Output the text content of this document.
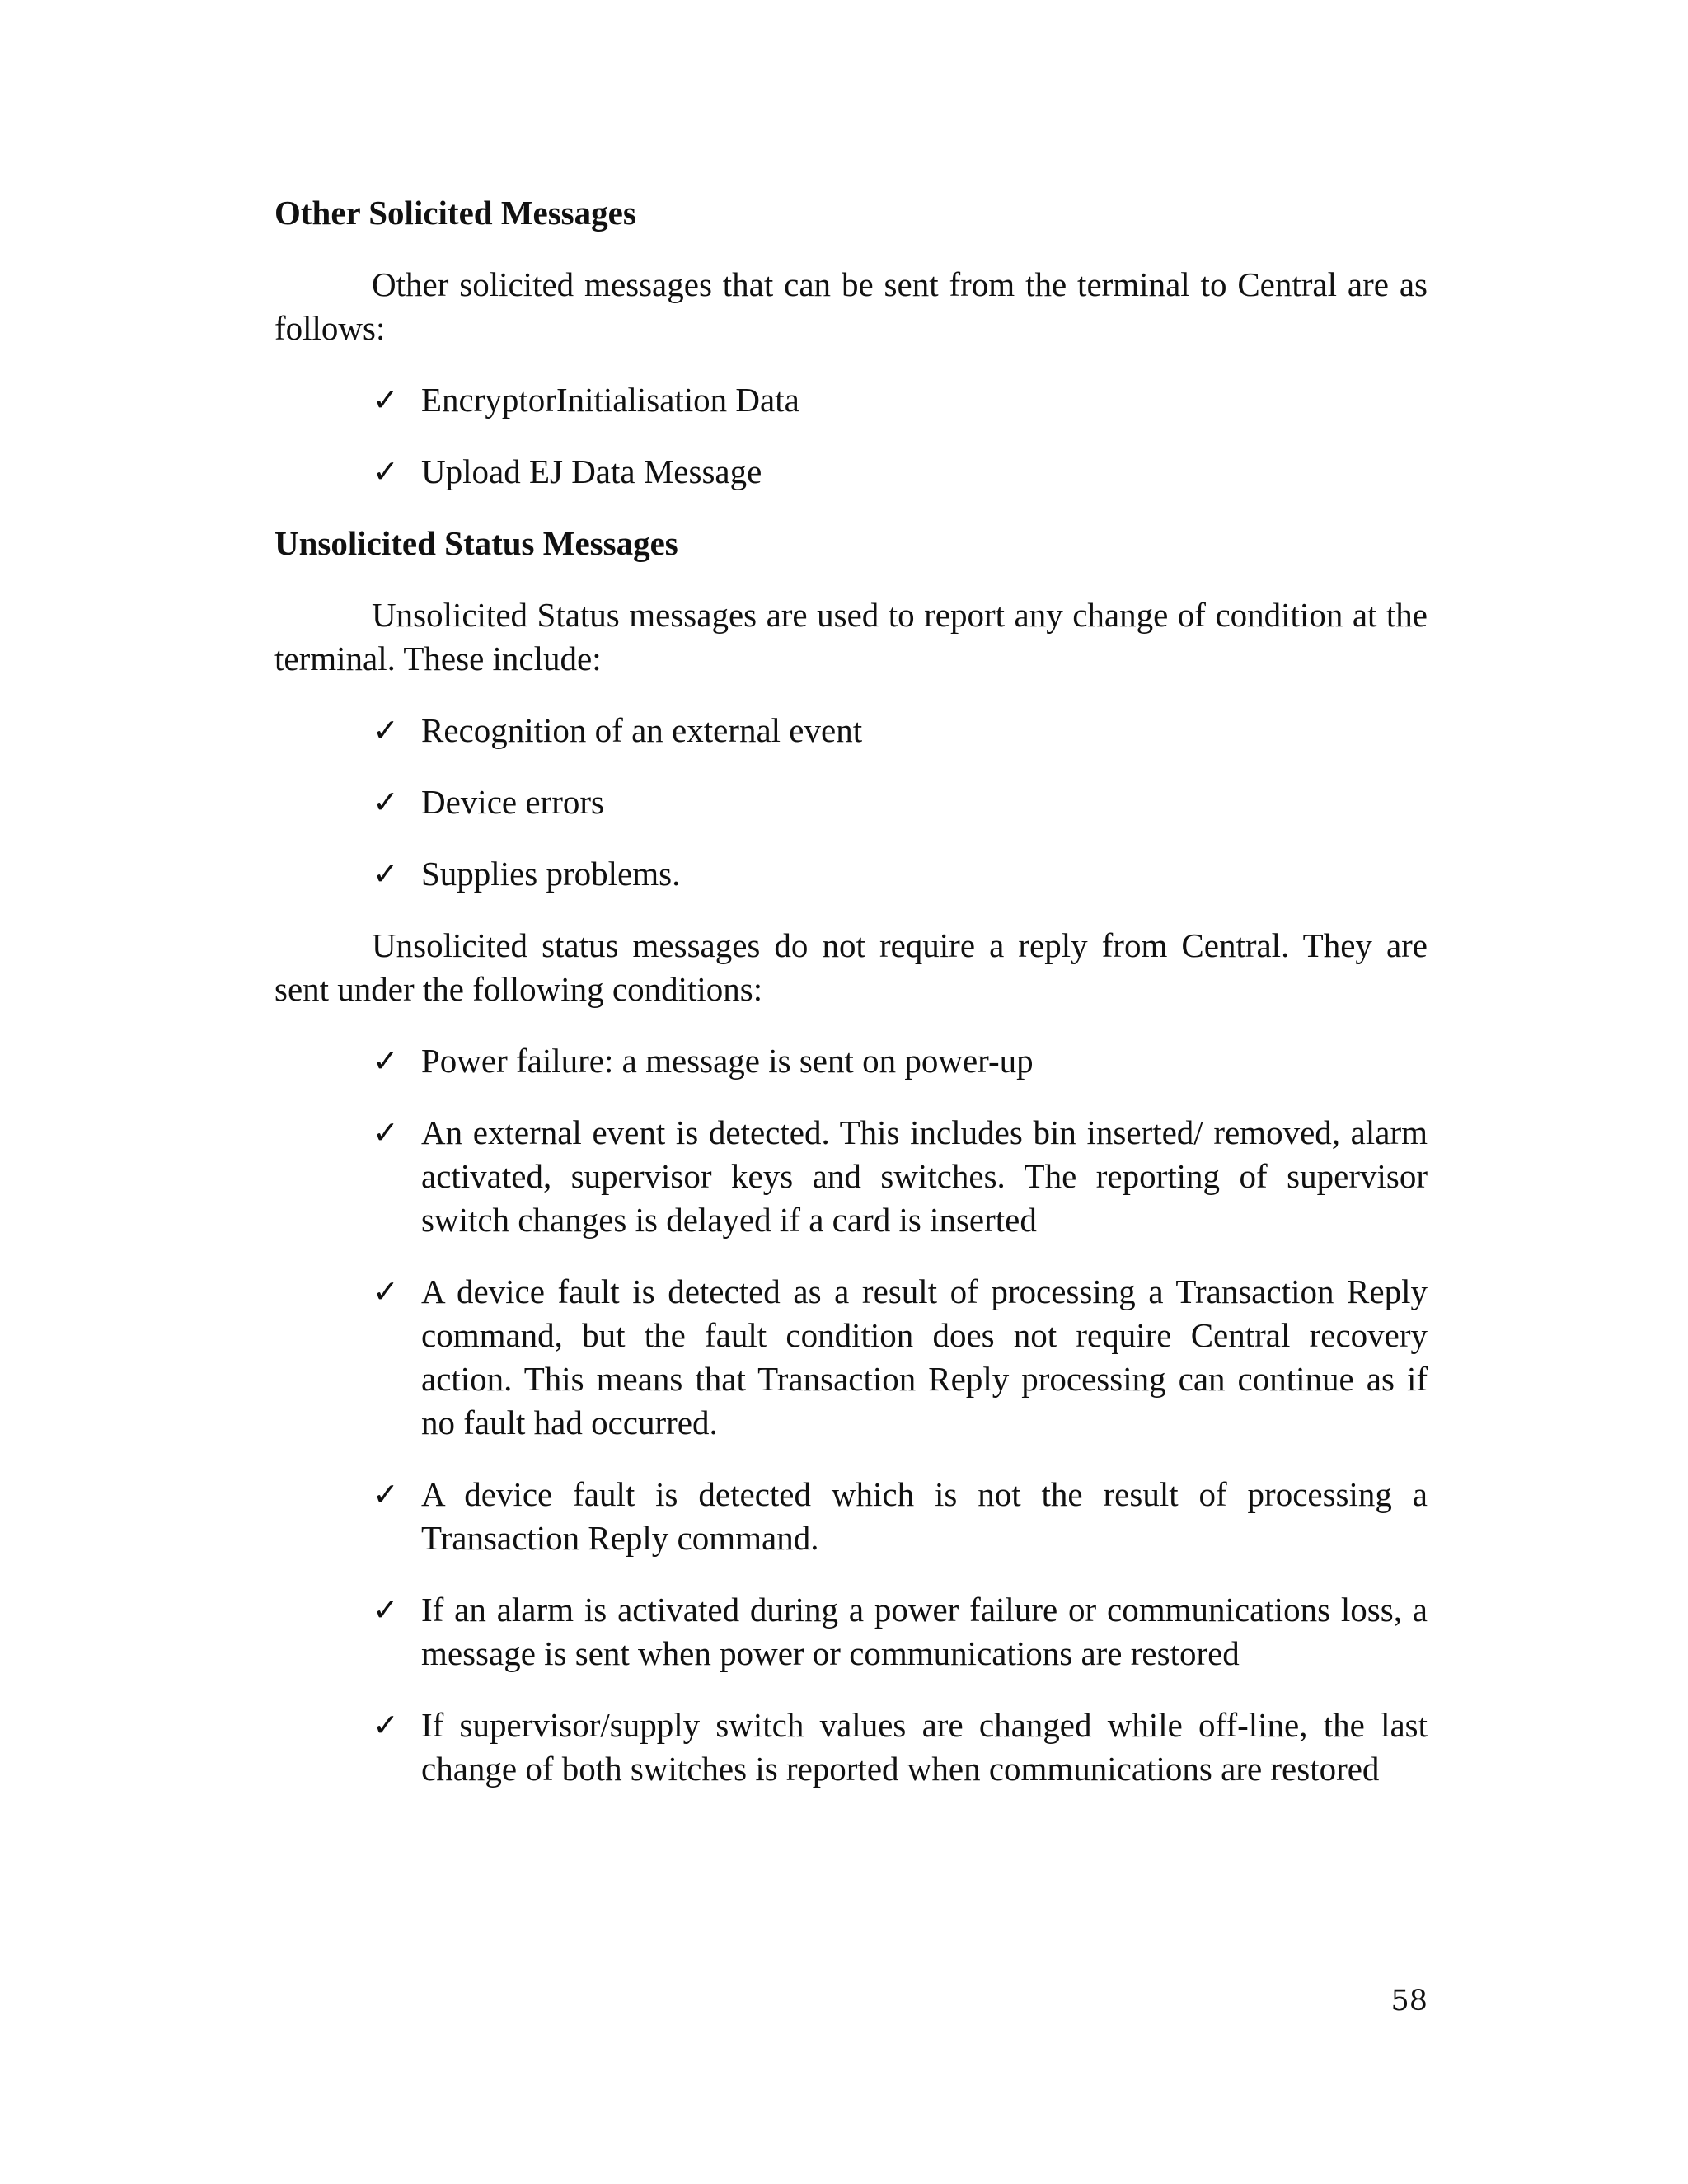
Other Solicited Messages

Other solicited messages that can be sent from the terminal to Central are as follows:

✓ EncryptorInitialisation Data
✓ Upload EJ Data Message
Unsolicited Status Messages

Unsolicited Status messages are used to report any change of condition at the terminal. These include:

✓ Recognition of an external event
✓ Device errors
✓ Supplies problems.

Unsolicited status messages do not require a reply from Central. They are sent under the following conditions:

✓ Power failure: a message is sent on power-up
✓ An external event is detected. This includes bin inserted/ removed, alarm activated, supervisor keys and switches. The reporting of supervisor switch changes is delayed if a card is inserted
✓ A device fault is detected as a result of processing a Transaction Reply command, but the fault condition does not require Central recovery action. This means that Transaction Reply processing can continue as if no fault had occurred.
✓ A device fault is detected which is not the result of processing a Transaction Reply command.
✓ If an alarm is activated during a power failure or communications loss, a message is sent when power or communications are restored
✓ If supervisor/supply switch values are changed while off-line, the last change of both switches is reported when communications are restored
58
